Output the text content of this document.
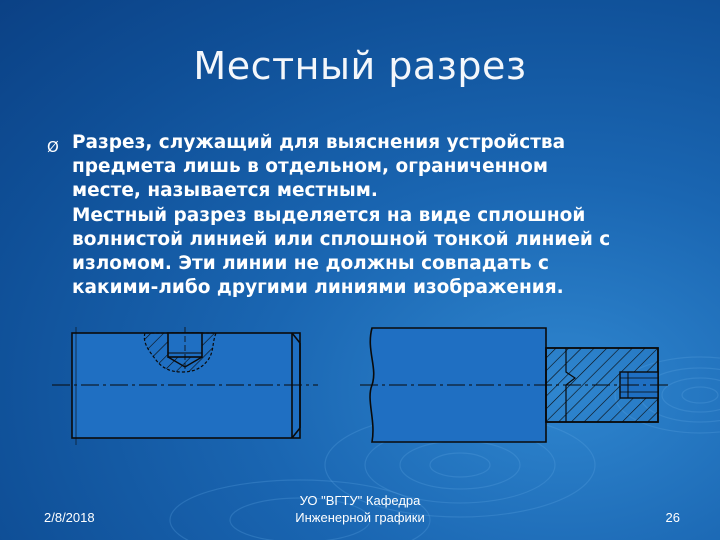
Местный разрез
Ø Разрез, служащий для выяснения устройства
предмета лишь в отдельном, ограниченном
месте, называется местным.
Местный разрез выделяется на виде сплошной
волнистой линией или сплошной тонкой линией с
изломом. Эти линии не должны совпадать с
какими-либо другими линиями изображения.
2/8/2018
УО "ВГТУ" Кафедра
Инженерной графики	26
